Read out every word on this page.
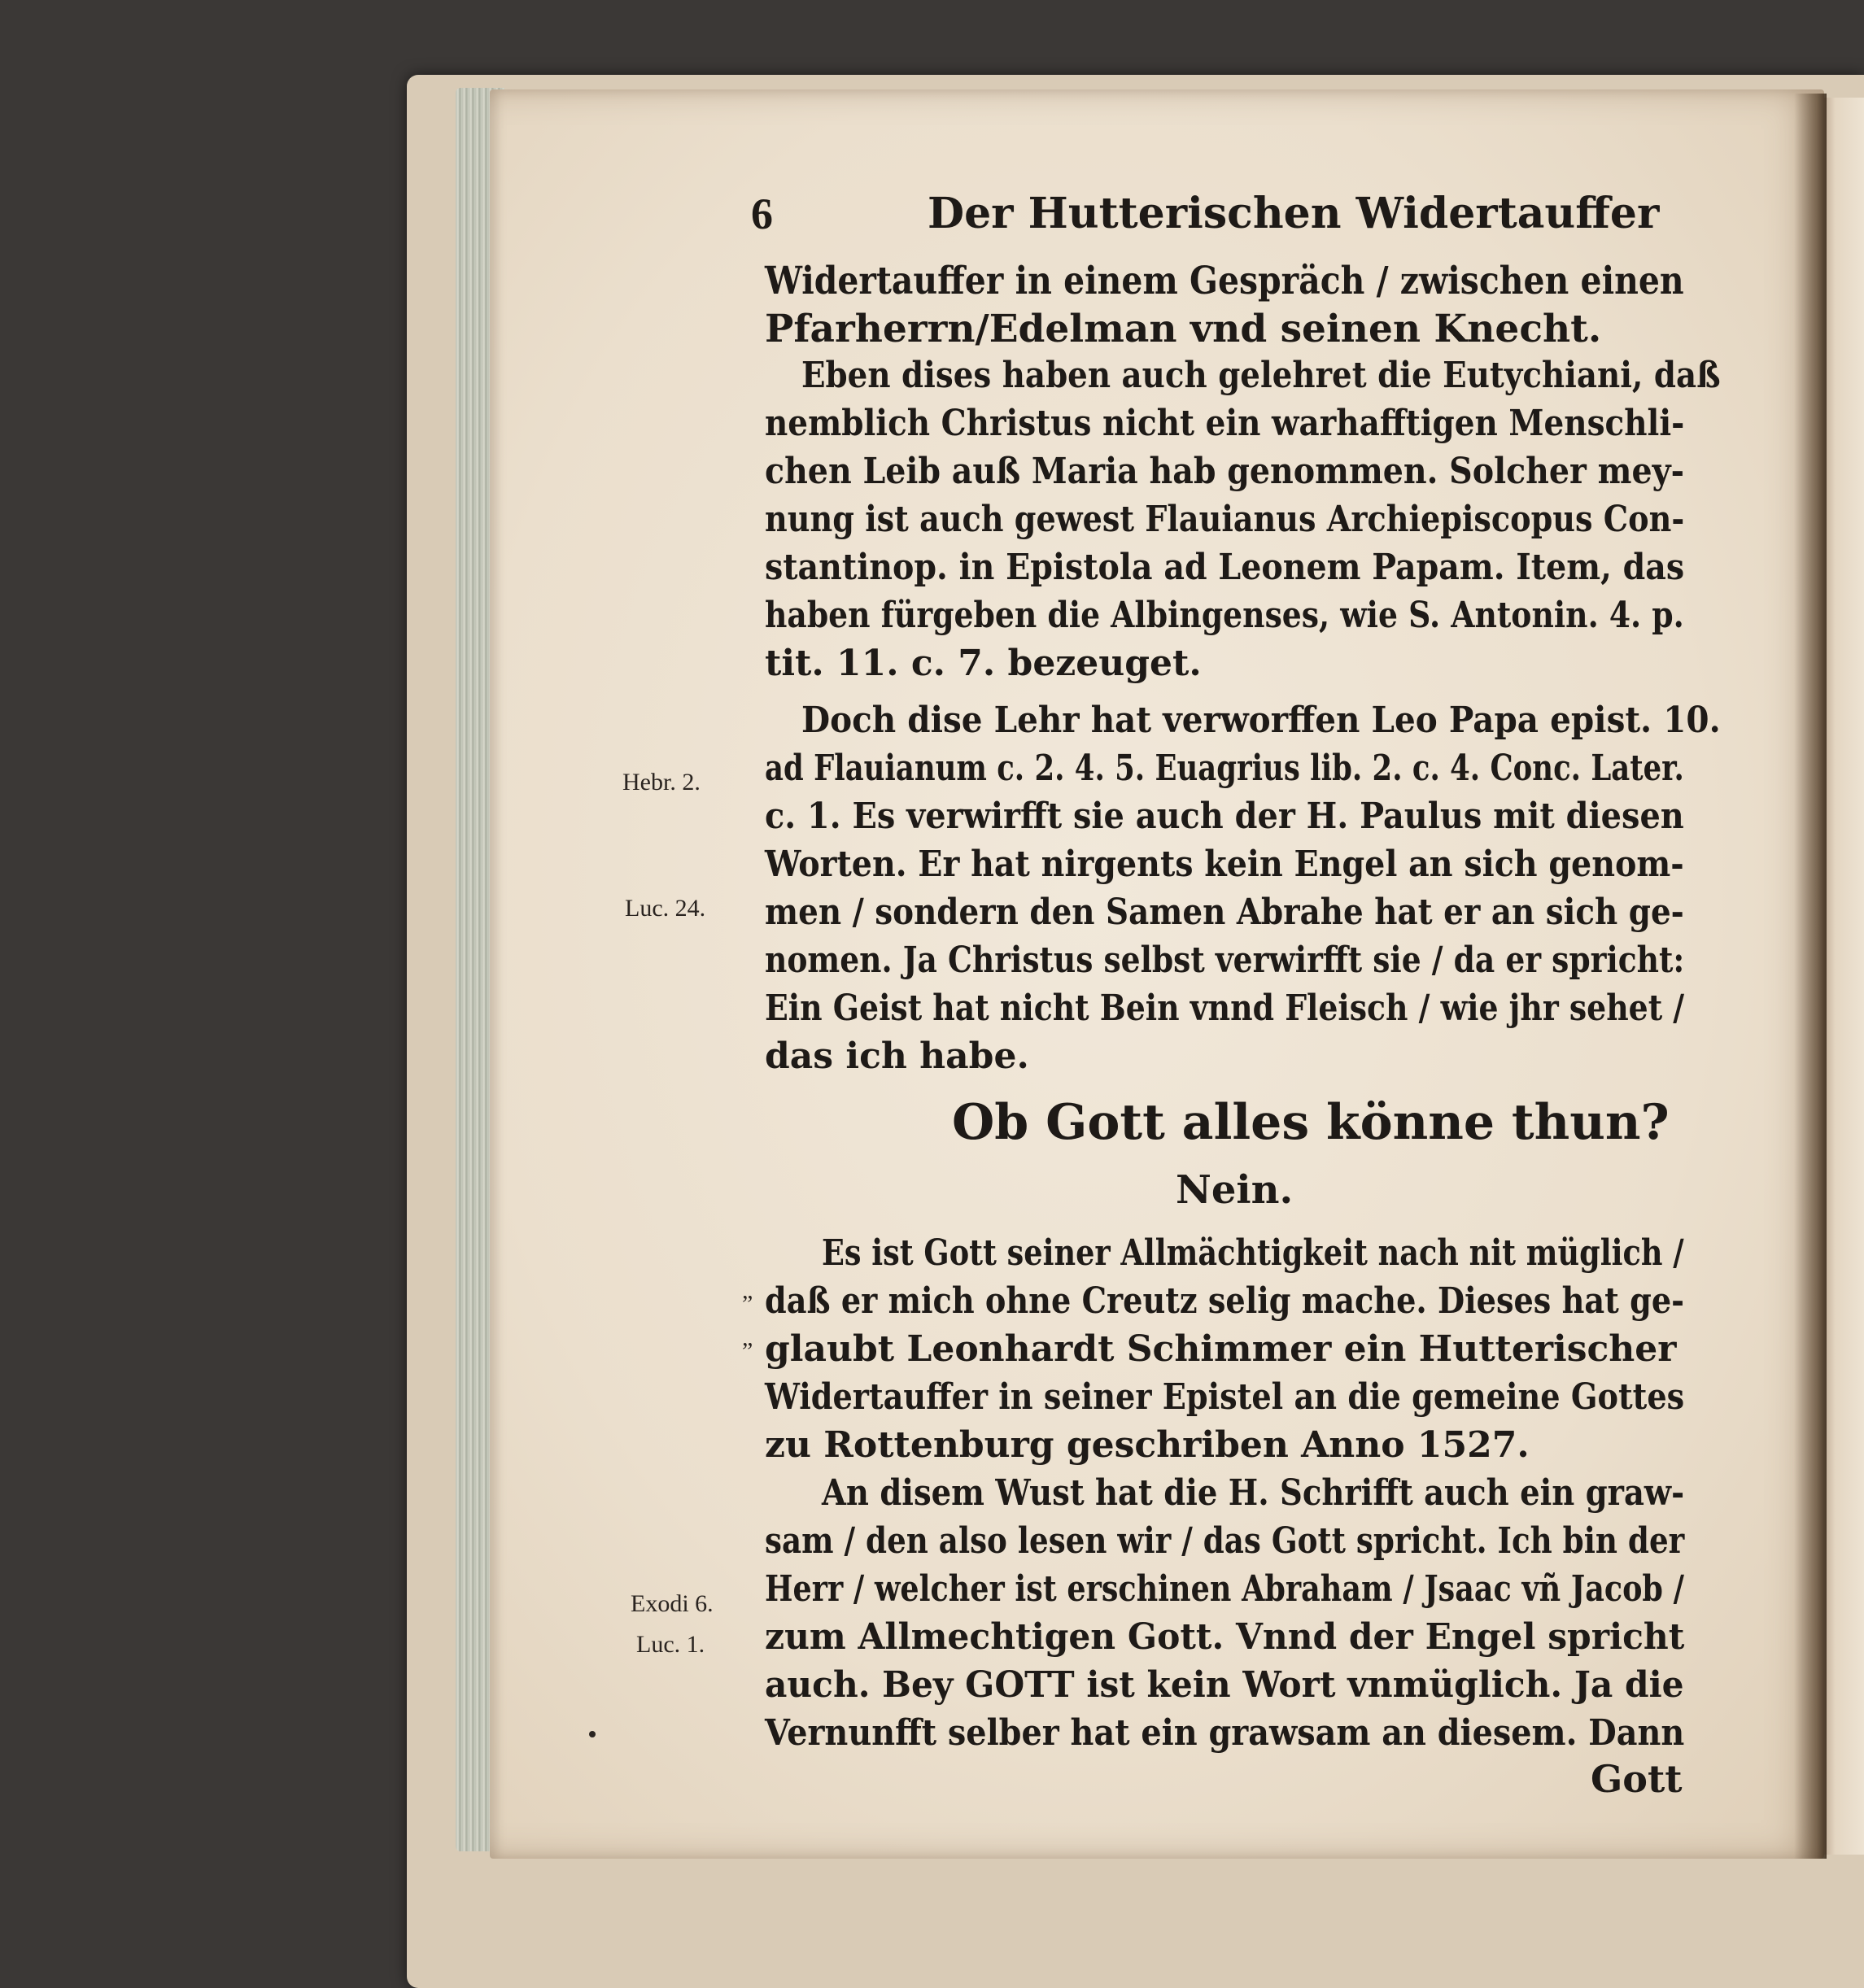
6	Der Hutterischen Widertauffer
Widertauffer in einem Gespräch / zwischen einen
Pfarherrn/Edelman vnd seinen Knecht.
Eben dises haben auch gelehret die Eutychiani, daß
nemblich Christus nicht ein warhafftigen Menschli-
chen Leib auß Maria hab genommen. Solcher mey-
nung ist auch gewest Flauianus Archiepiscopus Con-
stantinop. in Epistola ad Leonem Papam. Item, das
haben fürgeben die Albingenses, wie S. Antonin. 4. p.
tit. 11. c. 7. bezeuget.
Doch dise Lehr hat verworffen Leo Papa epist. 10.
ad Flauianum c. 2. 4. 5. Euagrius lib. 2. c. 4. Conc. Later.
c. 1. Es verwirfft sie auch der H. Paulus mit diesen
Worten. Er hat nirgents kein Engel an sich genom-
men / sondern den Samen Abrahe hat er an sich ge-
nomen. Ja Christus selbst verwirfft sie / da er spricht:
Ein Geist hat nicht Bein vnnd Fleisch / wie jhr sehet /
das ich habe.
Ob Gott alles könne thun?
Nein.
Es ist Gott seiner Allmächtigkeit nach nit müglich /
daß er mich ohne Creutz selig mache. Dieses hat ge-
glaubt Leonhardt Schimmer ein Hutterischer
Widertauffer in seiner Epistel an die gemeine Gottes
zu Rottenburg geschriben Anno 1527.
An disem Wust hat die H. Schrifft auch ein graw-
sam / den also lesen wir / das Gott spricht. Ich bin der
Herr / welcher ist erschinen Abraham / Jsaac vñ Jacob /
zum Allmechtigen Gott. Vnnd der Engel spricht
auch. Bey GOTT ist kein Wort vnmüglich. Ja die
Vernunfft selber hat ein grawsam an diesem. Dann
Gott
Hebr. 2.
Luc. 24.
Exodi 6.
Luc. 1.
„
„
